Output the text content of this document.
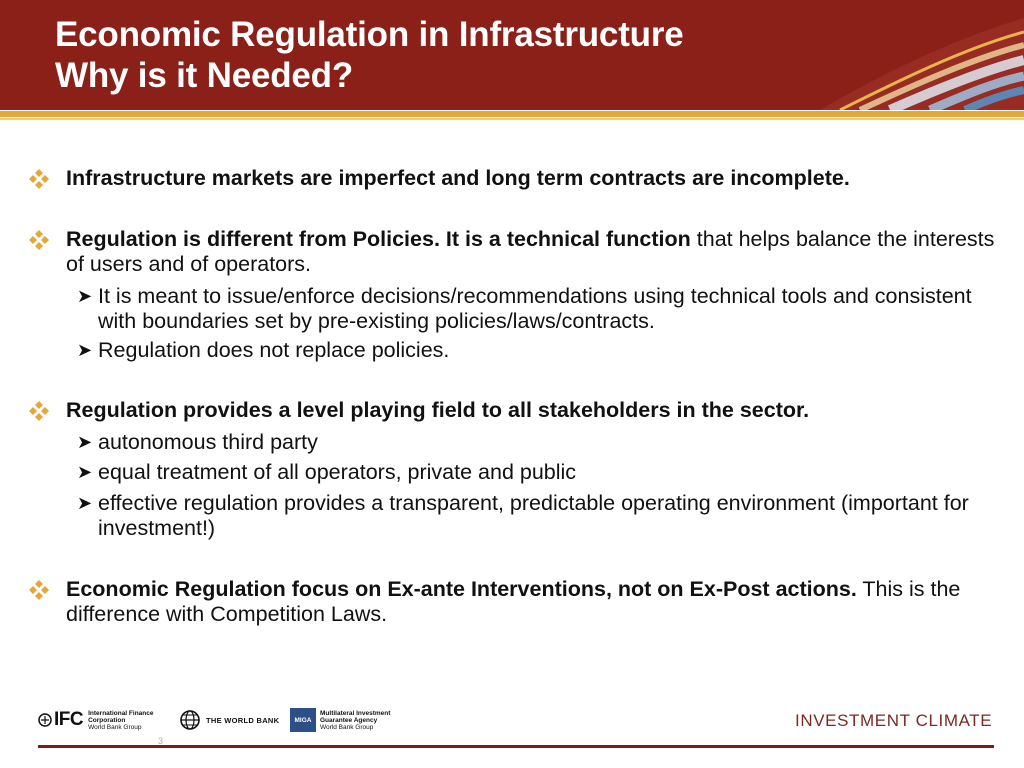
Economic Regulation in Infrastructure
Why is it Needed?
Infrastructure markets are imperfect and long term contracts are incomplete.
Regulation is different from Policies. It is a technical function that helps balance the interests of users and of operators.
➤ It is meant to issue/enforce decisions/recommendations using technical tools and consistent with boundaries set by pre-existing policies/laws/contracts.
➤ Regulation does not replace policies.
Regulation provides a level playing field to all stakeholders in the sector.
➤ autonomous third party
➤ equal treatment of all operators, private and public
➤ effective regulation provides a transparent, predictable operating environment (important for investment!)
Economic Regulation focus on Ex-ante Interventions, not on Ex-Post actions. This is the difference with Competition Laws.
IFC International Finance Corporation
World Bank Group
THE WORLD BANK	MIGA
Multilateral Investment Guarantee Agency
World Bank Group	INVESTMENT CLIMATE
3
